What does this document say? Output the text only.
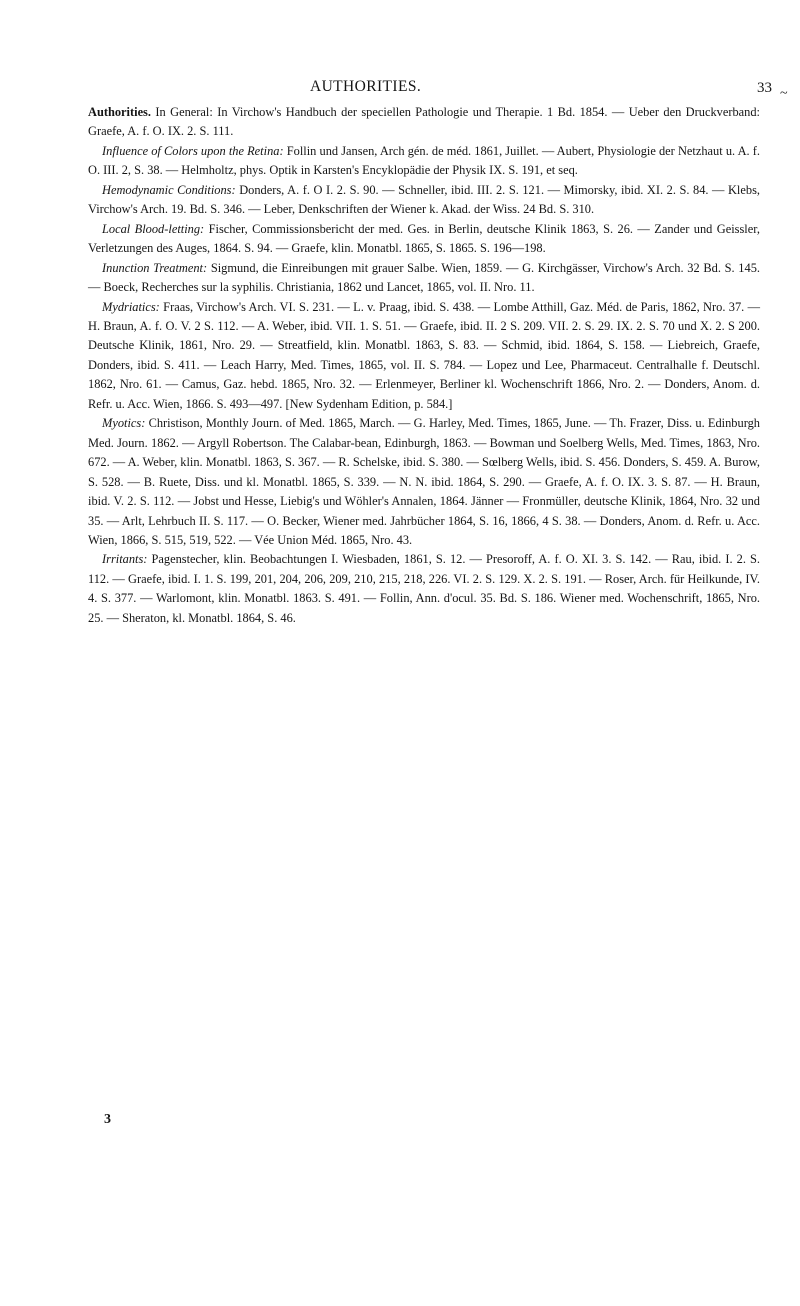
AUTHORITIES.	33 ~

Authorities. In General: In Virchow's Handbuch der speciellen Pathologie und Therapie. 1 Bd. 1854. — Ueber den Druckverband: Graefe, A. f. O. IX. 2. S. 111.

Influence of Colors upon the Retina: Follin und Jansen, Arch gén. de méd. 1861, Juillet. — Aubert, Physiologie der Netzhaut u. A. f. O. III. 2, S. 38. — Helmholtz, phys. Optik in Karsten's Encyklopädie der Physik IX. S. 191, et seq.

Hemodynamic Conditions: Donders, A. f. O I. 2. S. 90. — Schneller, ibid. III. 2. S. 121. — Mimorsky, ibid. XI. 2. S. 84. — Klebs, Virchow's Arch. 19. Bd. S. 346. — Leber, Denkschriften der Wiener k. Akad. der Wiss. 24 Bd. S. 310.

Local Blood-letting: Fischer, Commissionsbericht der med. Ges. in Berlin, deutsche Klinik 1863, S. 26. — Zander und Geissler, Verletzungen des Auges, 1864. S. 94. — Graefe, klin. Monatbl. 1865, S. 1865. S. 196—198.

Inunction Treatment: Sigmund, die Einreibungen mit grauer Salbe. Wien, 1859. — G. Kirchgässer, Virchow's Arch. 32 Bd. S. 145. — Boeck, Recherches sur la syphilis. Christiania, 1862 und Lancet, 1865, vol. II. Nro. 11.

Mydriatics: Fraas, Virchow's Arch. VI. S. 231. — L. v. Praag, ibid. S. 438. — Lombe Atthill, Gaz. Méd. de Paris, 1862, Nro. 37. — H. Braun, A. f. O. V. 2 S. 112. — A. Weber, ibid. VII. 1. S. 51. — Graefe, ibid. II. 2 S. 209. VII. 2. S. 29. IX. 2. S. 70 und X. 2. S 200. Deutsche Klinik, 1861, Nro. 29. — Streatfield, klin. Monatbl. 1863, S. 83. — Schmid, ibid. 1864, S. 158. — Liebreich, Graefe, Donders, ibid. S. 411. — Leach Harry, Med. Times, 1865, vol. II. S. 784. — Lopez und Lee, Pharmaceut. Centralhalle f. Deutschl. 1862, Nro. 61. — Camus, Gaz. hebd. 1865, Nro. 32. — Erlenmeyer, Berliner kl. Wochenschrift 1866, Nro. 2. — Donders, Anom. d. Refr. u. Acc. Wien, 1866. S. 493—497. [New Sydenham Edition, p. 584.]

Myotics: Christison, Monthly Journ. of Med. 1865, March. — G. Harley, Med. Times, 1865, June. — Th. Frazer, Diss. u. Edinburgh Med. Journ. 1862. — Argyll Robertson. The Calabar-bean, Edinburgh, 1863. — Bowman und Soelberg Wells, Med. Times, 1863, Nro. 672. — A. Weber, klin. Monatbl. 1863, S. 367. — R. Schelske, ibid. S. 380. — Sœlberg Wells, ibid. S. 456. Donders, S. 459. A. Burow, S. 528. — B. Ruete, Diss. und kl. Monatbl. 1865, S. 339. — N. N. ibid. 1864, S. 290. — Graefe, A. f. O. IX. 3. S. 87. — H. Braun, ibid. V. 2. S. 112. — Jobst und Hesse, Liebig's und Wöhler's Annalen, 1864. Jänner — Fronmüller, deutsche Klinik, 1864, Nro. 32 und 35. — Arlt, Lehrbuch II. S. 117. — O. Becker, Wiener med. Jahrbücher 1864, S. 16, 1866, 4 S. 38. — Donders, Anom. d. Refr. u. Acc. Wien, 1866, S. 515, 519, 522. — Vée Union Méd. 1865, Nro. 43.

Irritants: Pagenstecher, klin. Beobachtungen I. Wiesbaden, 1861, S. 12. — Presoroff, A. f. O. XI. 3. S. 142. — Rau, ibid. I. 2. S. 112. — Graefe, ibid. I. 1. S. 199, 201, 204, 206, 209, 210, 215, 218, 226. VI. 2. S. 129. X. 2. S. 191. — Roser, Arch. für Heilkunde, IV. 4. S. 377. — Warlomont, klin. Monatbl. 1863. S. 491. — Follin, Ann. d'ocul. 35. Bd. S. 186. Wiener med. Wochenschrift, 1865, Nro. 25. — Sheraton, kl. Monatbl. 1864, S. 46.

3
